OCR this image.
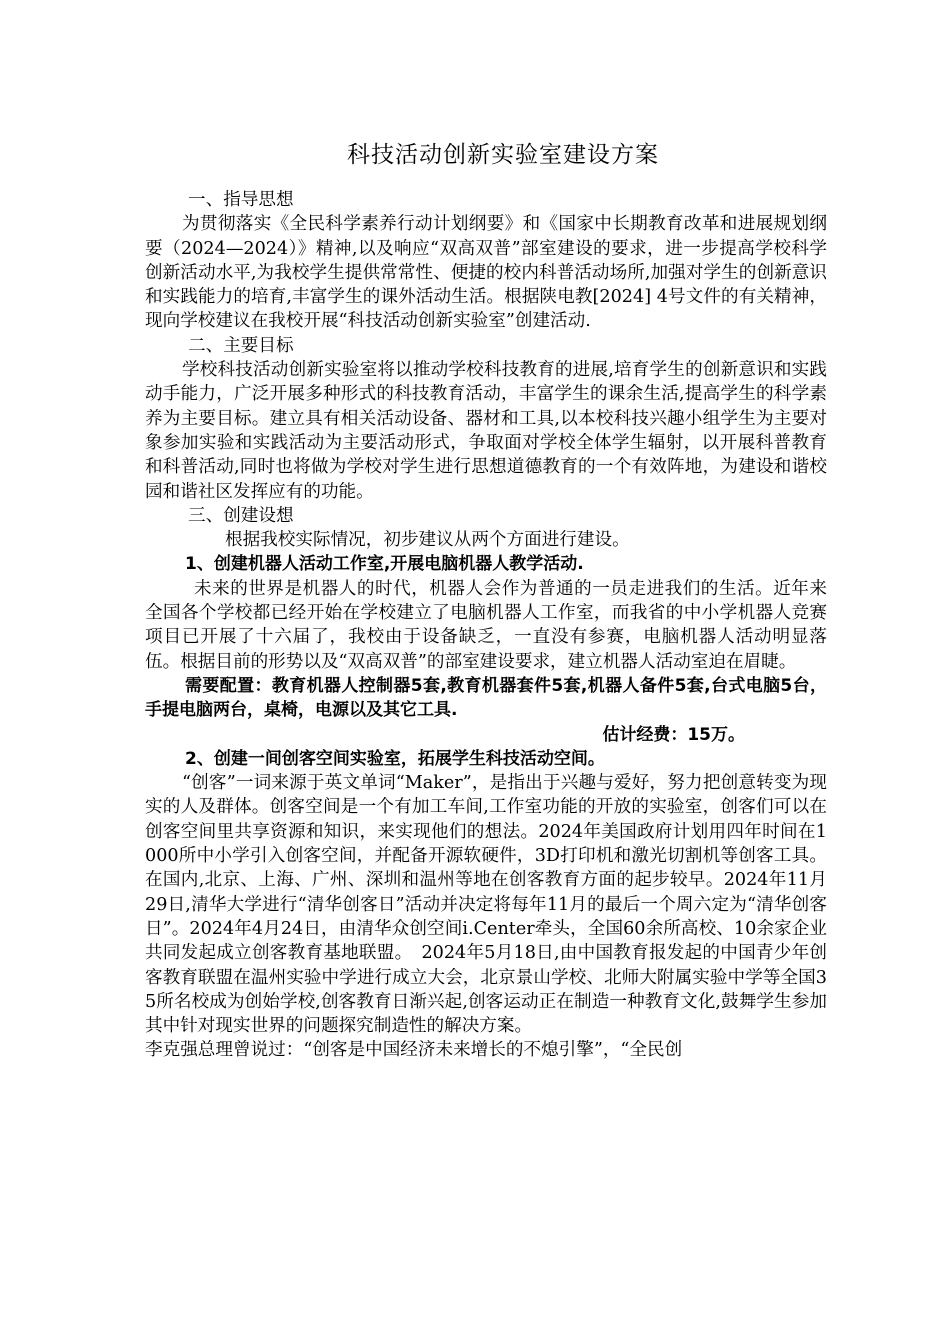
科技活动创新实验室建设方案

一、指导思想

为贯彻落实《全民科学素养行动计划纲要》和《国家中长期教育改革和进展规划纲要（2024—2024）》精神,以及响应“双高双普”部室建设的要求，进一步提高学校科学创新活动水平,为我校学生提供常常性、便捷的校内科普活动场所,加强对学生的创新意识和实践能力的培育,丰富学生的课外活动生活。根据陕电教[2024] 4号文件的有关精神，现向学校建议在我校开展“科技活动创新实验室”创建活动.

二、主要目标

学校科技活动创新实验室将以推动学校科技教育的进展,培育学生的创新意识和实践动手能力，广泛开展多种形式的科技教育活动，丰富学生的课余生活,提高学生的科学素养为主要目标。建立具有相关活动设备、器材和工具,以本校科技兴趣小组学生为主要对象参加实验和实践活动为主要活动形式，争取面对学校全体学生辐射，以开展科普教育和科普活动,同时也将做为学校对学生进行思想道德教育的一个有效阵地，为建设和谐校园和谐社区发挥应有的功能。

三、创建设想

根据我校实际情况，初步建议从两个方面进行建设。

1、创建机器人活动工作室,开展电脑机器人教学活动.

未来的世界是机器人的时代，机器人会作为普通的一员走进我们的生活。近年来全国各个学校都已经开始在学校建立了电脑机器人工作室，而我省的中小学机器人竞赛项目已开展了十六届了，我校由于设备缺乏，一直没有参赛，电脑机器人活动明显落伍。根据目前的形势以及“双高双普”的部室建设要求，建立机器人活动室迫在眉睫。

需要配置：教育机器人控制器5套,教育机器套件5套,机器人备件5套,台式电脑5台，手提电脑两台，桌椅，电源以及其它工具.

估计经费：15万。

2、创建一间创客空间实验室，拓展学生科技活动空间。

“创客”一词来源于英文单词“Maker”，是指出于兴趣与爱好，努力把创意转变为现实的人及群体。创客空间是一个有加工车间,工作室功能的开放的实验室，创客们可以在创客空间里共享资源和知识，来实现他们的想法。2024年美国政府计划用四年时间在1000所中小学引入创客空间，并配备开源软硬件，3D打印机和激光切割机等创客工具。在国内,北京、上海、广州、深圳和温州等地在创客教育方面的起步较早。2024年11月29日,清华大学进行“清华创客日”活动并决定将每年11月的最后一个周六定为“清华创客日”。2024年4月24日，由清华众创空间i.Center牵头，全国60余所高校、10余家企业共同发起成立创客教育基地联盟。　2024年5月18日,由中国教育报发起的中国青少年创客教育联盟在温州实验中学进行成立大会，北京景山学校、北师大附属实验中学等全国35所名校成为创始学校,创客教育日渐兴起,创客运动正在制造一种教育文化,鼓舞学生参加其中针对现实世界的问题探究制造性的解决方案。

李克强总理曾说过：“创客是中国经济未来增长的不熄引擎”，“全民创
